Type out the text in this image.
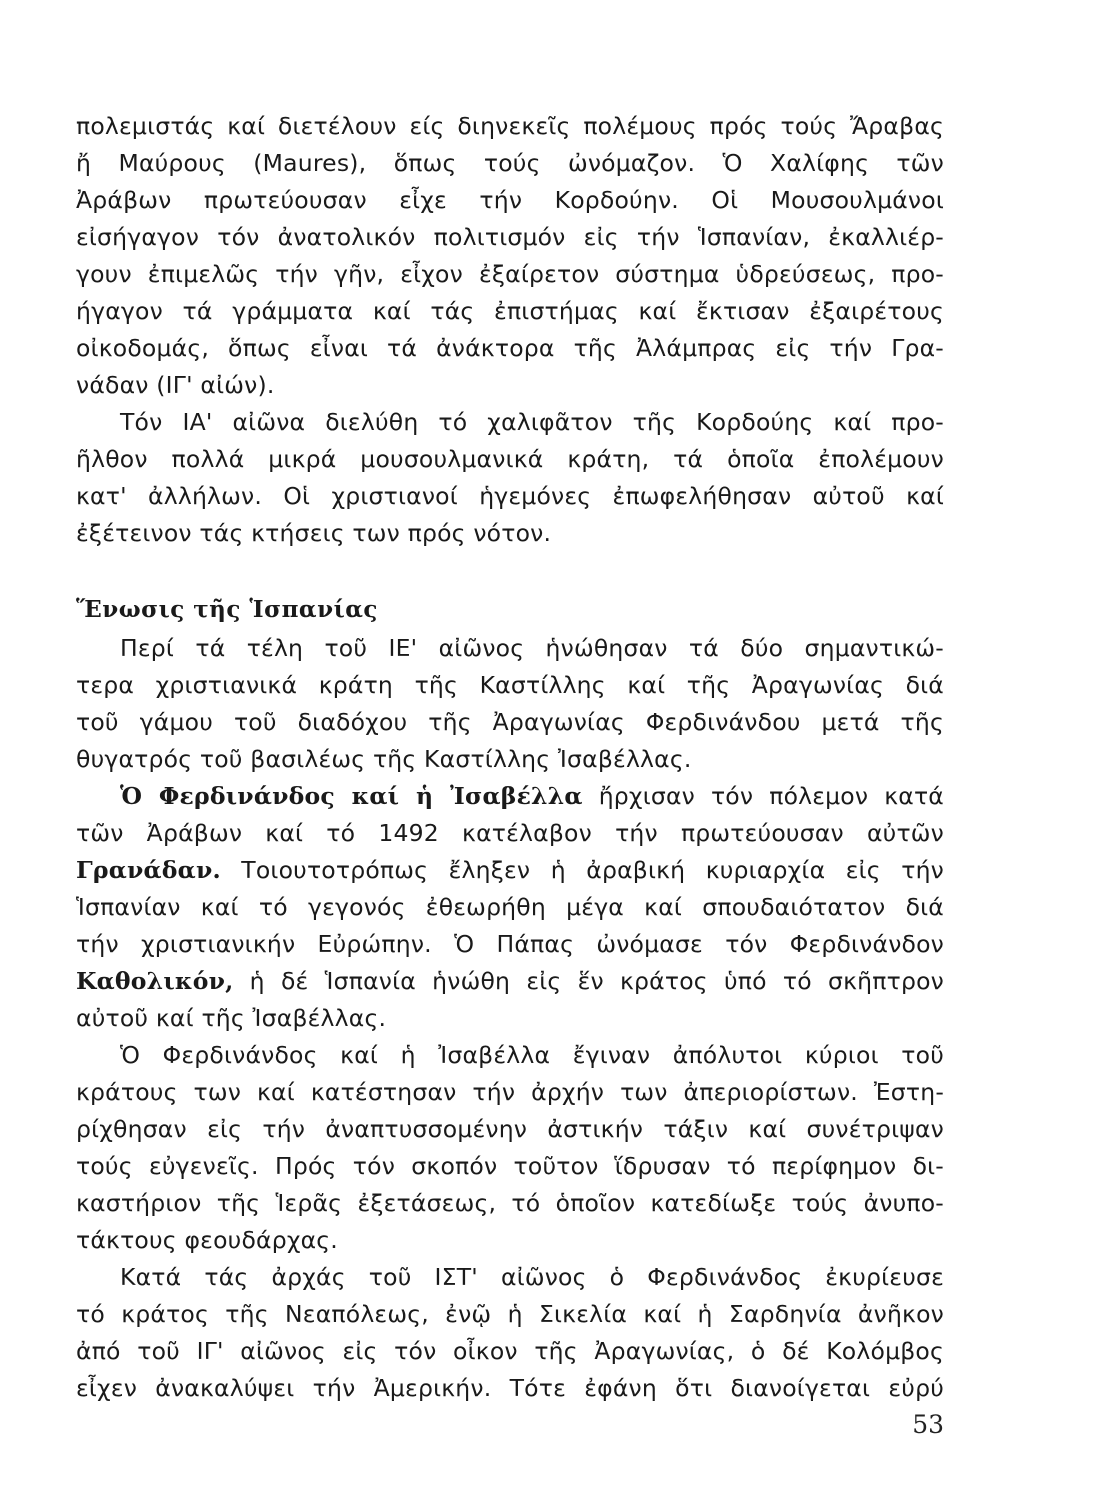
πολεμιστάς καί διετέλουν είς διηνεκεῖς πολέμους πρός τούς Ἄραβας
ἤ Μαύρους (Maures), ὅπως τούς ὠνόμαζον. Ὁ Χαλίφης τῶν
Ἀράβων πρωτεύουσαν εἶχε τήν Κορδούην. Οἱ Μουσουλμάνοι
εἰσήγαγον τόν ἀνατολικόν πολιτισμόν εἰς τήν Ἱσπανίαν, ἐκαλλιέρ-
γουν ἐπιμελῶς τήν γῆν, εἶχον ἐξαίρετον σύστημα ὑδρεύσεως, προ-
ήγαγον τά γράμματα καί τάς ἐπιστήμας καί ἔκτισαν ἐξαιρέτους
οἰκοδομάς, ὅπως εἶναι τά ἀνάκτορα τῆς Ἀλάμπρας εἰς τήν Γρα-
νάδαν (ΙΓ' αἰών).
Τόν ΙΑ' αἰῶνα διελύθη τό χαλιφᾶτον τῆς Κορδούης καί προ-
ῆλθον πολλά μικρά μουσουλμανικά κράτη, τά ὁποῖα ἐπολέμουν
κατ' ἀλλήλων. Οἱ χριστιανοί ἡγεμόνες ἐπωφελήθησαν αὐτοῦ καί
ἐξέτεινον τάς κτήσεις των πρός νότον.
Ἕνωσις τῆς Ἱσπανίας
Περί τά τέλη τοῦ ΙΕ' αἰῶνος ἡνώθησαν τά δύο σημαντικώ-
τερα χριστιανικά κράτη τῆς Καστίλλης καί τῆς Ἀραγωνίας διά
τοῦ γάμου τοῦ διαδόχου τῆς Ἀραγωνίας Φερδινάνδου μετά τῆς
θυγατρός τοῦ βασιλέως τῆς Καστίλλης Ἰσαβέλλας.
Ὁ Φερδινάνδος καί ἡ Ἰσαβέλλα ἤρχισαν τόν πόλεμον κατά
τῶν Ἀράβων καί τό 1492 κατέλαβον τήν πρωτεύουσαν αὐτῶν
Γρανάδαν. Τοιουτοτρόπως ἔληξεν ἡ ἀραβική κυριαρχία εἰς τήν
Ἱσπανίαν καί τό γεγονός ἐθεωρήθη μέγα καί σπουδαιότατον διά
τήν χριστιανικήν Εὐρώπην. Ὁ Πάπας ὠνόμασε τόν Φερδινάνδον
Καθολικόν, ἡ δέ Ἱσπανία ἡνώθη εἰς ἕν κράτος ὑπό τό σκῆπτρον
αὐτοῦ καί τῆς Ἰσαβέλλας.
Ὁ Φερδινάνδος καί ἡ Ἰσαβέλλα ἔγιναν ἀπόλυτοι κύριοι τοῦ
κράτους των καί κατέστησαν τήν ἀρχήν των ἀπεριορίστων. Ἐστη-
ρίχθησαν εἰς τήν ἀναπτυσσομένην ἀστικήν τάξιν καί συνέτριψαν
τούς εὐγενεῖς. Πρός τόν σκοπόν τοῦτον ἵδρυσαν τό περίφημον δι-
καστήριον τῆς Ἱερᾶς ἐξετάσεως, τό ὁποῖον κατεδίωξε τούς ἀνυπο-
τάκτους φεουδάρχας.
Κατά τάς ἀρχάς τοῦ ΙΣΤ' αἰῶνος ὁ Φερδινάνδος ἐκυρίευσε
τό κράτος τῆς Νεαπόλεως, ἐνῷ ἡ Σικελία καί ἡ Σαρδηνία ἀνῆκον
ἀπό τοῦ ΙΓ' αἰῶνος εἰς τόν οἶκον τῆς Ἀραγωνίας, ὁ δέ Κολόμβος
εἶχεν ἀνακαλύψει τήν Ἀμερικήν. Τότε ἐφάνη ὅτι διανοίγεται εὐρύ
53
